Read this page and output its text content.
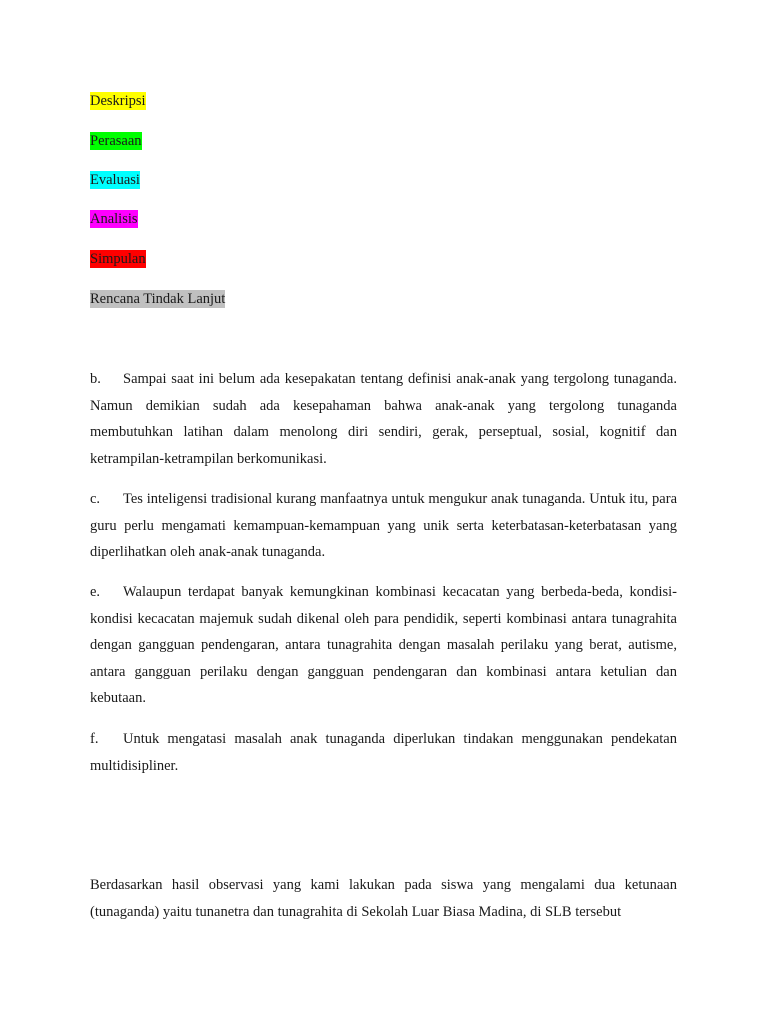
Deskripsi
Perasaan
Evaluasi
Analisis
Simpulan
Rencana Tindak Lanjut

b. Sampai saat ini belum ada kesepakatan tentang definisi anak-anak yang tergolong tunaganda. Namun demikian sudah ada kesepahaman bahwa anak-anak yang tergolong tunaganda membutuhkan latihan dalam menolong diri sendiri, gerak, perseptual, sosial, kognitif dan ketrampilan-ketrampilan berkomunikasi.

c. Tes inteligensi tradisional kurang manfaatnya untuk mengukur anak tunaganda. Untuk itu, para guru perlu mengamati kemampuan-kemampuan yang unik serta keterbatasan-keterbatasan yang diperlihatkan oleh anak-anak tunaganda.

e. Walaupun terdapat banyak kemungkinan kombinasi kecacatan yang berbeda-beda, kondisi-kondisi kecacatan majemuk sudah dikenal oleh para pendidik, seperti kombinasi antara tunagrahita dengan gangguan pendengaran, antara tunagrahita dengan masalah perilaku yang berat, autisme, antara gangguan perilaku dengan gangguan pendengaran dan kombinasi antara ketulian dan kebutaan.

f. Untuk mengatasi masalah anak tunaganda diperlukan tindakan menggunakan pendekatan multidisipliner.

Berdasarkan hasil observasi yang kami lakukan pada siswa yang mengalami dua ketunaan (tunaganda) yaitu tunanetra dan tunagrahita di Sekolah Luar Biasa Madina, di SLB tersebut
